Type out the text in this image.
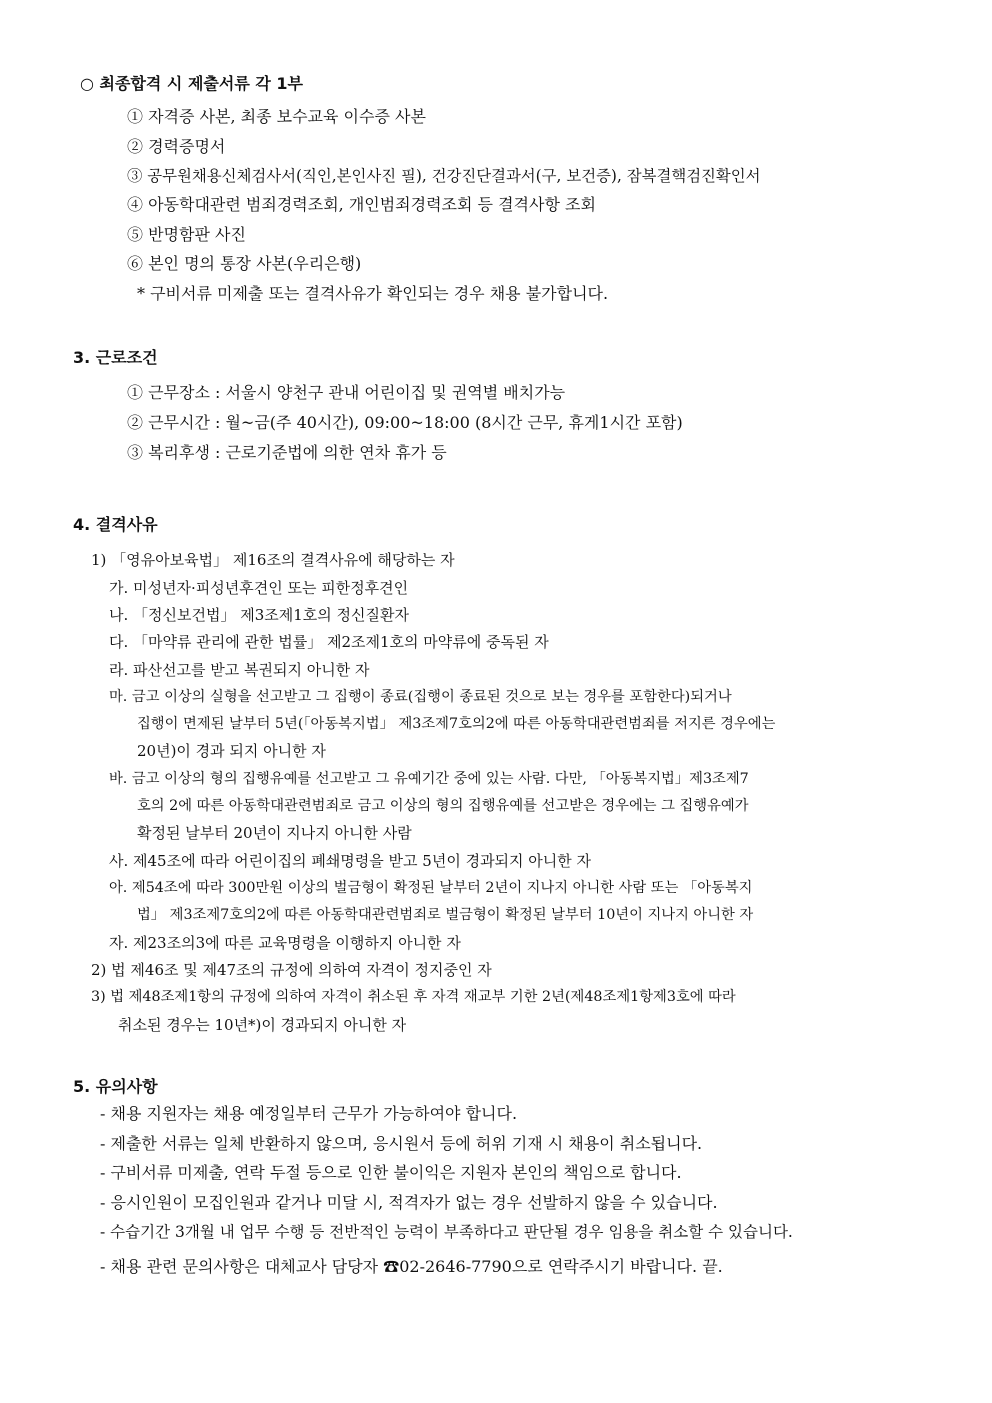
○ 최종합격 시 제출서류 각 1부
① 자격증 사본, 최종 보수교육 이수증 사본
② 경력증명서
③ 공무원채용신체검사서(직인,본인사진 필), 건강진단결과서(구, 보건증), 잠복결핵검진확인서
④ 아동학대관련 범죄경력조회, 개인범죄경력조회 등 결격사항 조회
⑤ 반명함판 사진
⑥ 본인 명의 통장 사본(우리은행)
* 구비서류 미제출 또는 결격사유가 확인되는 경우 채용 불가합니다.
3. 근로조건
① 근무장소 : 서울시 양천구 관내 어린이집 및 권역별 배치가능
② 근무시간 : 월~금(주 40시간), 09:00~18:00 (8시간 근무, 휴게1시간 포함)
③ 복리후생 : 근로기준법에 의한 연차 휴가 등
4. 결격사유
1) 「영유아보육법」 제16조의 결격사유에 해당하는 자
가. 미성년자·피성년후견인 또는 피한정후견인
나. 「정신보건법」 제3조제1호의 정신질환자
다. 「마약류 관리에 관한 법률」 제2조제1호의 마약류에 중독된 자
라. 파산선고를 받고 복권되지 아니한 자
마. 금고 이상의 실형을 선고받고 그 집행이 종료(집행이 종료된 것으로 보는 경우를 포함한다)되거나
집행이 면제된 날부터 5년(「아동복지법」 제3조제7호의2에 따른 아동학대관련범죄를 저지른 경우에는
20년)이 경과 되지 아니한 자
바. 금고 이상의 형의 집행유예를 선고받고 그 유예기간 중에 있는 사람. 다만, 「아동복지법」제3조제7
호의 2에 따른 아동학대관련범죄로 금고 이상의 형의 집행유예를 선고받은 경우에는 그 집행유예가
확정된 날부터 20년이 지나지 아니한 사람
사. 제45조에 따라 어린이집의 폐쇄명령을 받고 5년이 경과되지 아니한 자
아. 제54조에 따라 300만원 이상의 벌금형이 확정된 날부터 2년이 지나지 아니한 사람 또는 「아동복지
법」 제3조제7호의2에 따른 아동학대관련범죄로 벌금형이 확정된 날부터 10년이 지나지 아니한 자
자. 제23조의3에 따른 교육명령을 이행하지 아니한 자
2) 법 제46조 및 제47조의 규정에 의하여 자격이 정지중인 자
3) 법 제48조제1항의 규정에 의하여 자격이 취소된 후 자격 재교부 기한 2년(제48조제1항제3호에 따라
취소된 경우는 10년*)이 경과되지 아니한 자
5. 유의사항
- 채용 지원자는 채용 예정일부터 근무가 가능하여야 합니다.
- 제출한 서류는 일체 반환하지 않으며, 응시원서 등에 허위 기재 시 채용이 취소됩니다.
- 구비서류 미제출, 연락 두절 등으로 인한 불이익은 지원자 본인의 책임으로 합니다.
- 응시인원이 모집인원과 같거나 미달 시, 적격자가 없는 경우 선발하지 않을 수 있습니다.
- 수습기간 3개월 내 업무 수행 등 전반적인 능력이 부족하다고 판단될 경우 임용을 취소할 수 있습니다.
- 채용 관련 문의사항은 대체교사 담당자 ☎02-2646-7790으로 연락주시기 바랍니다. 끝.
